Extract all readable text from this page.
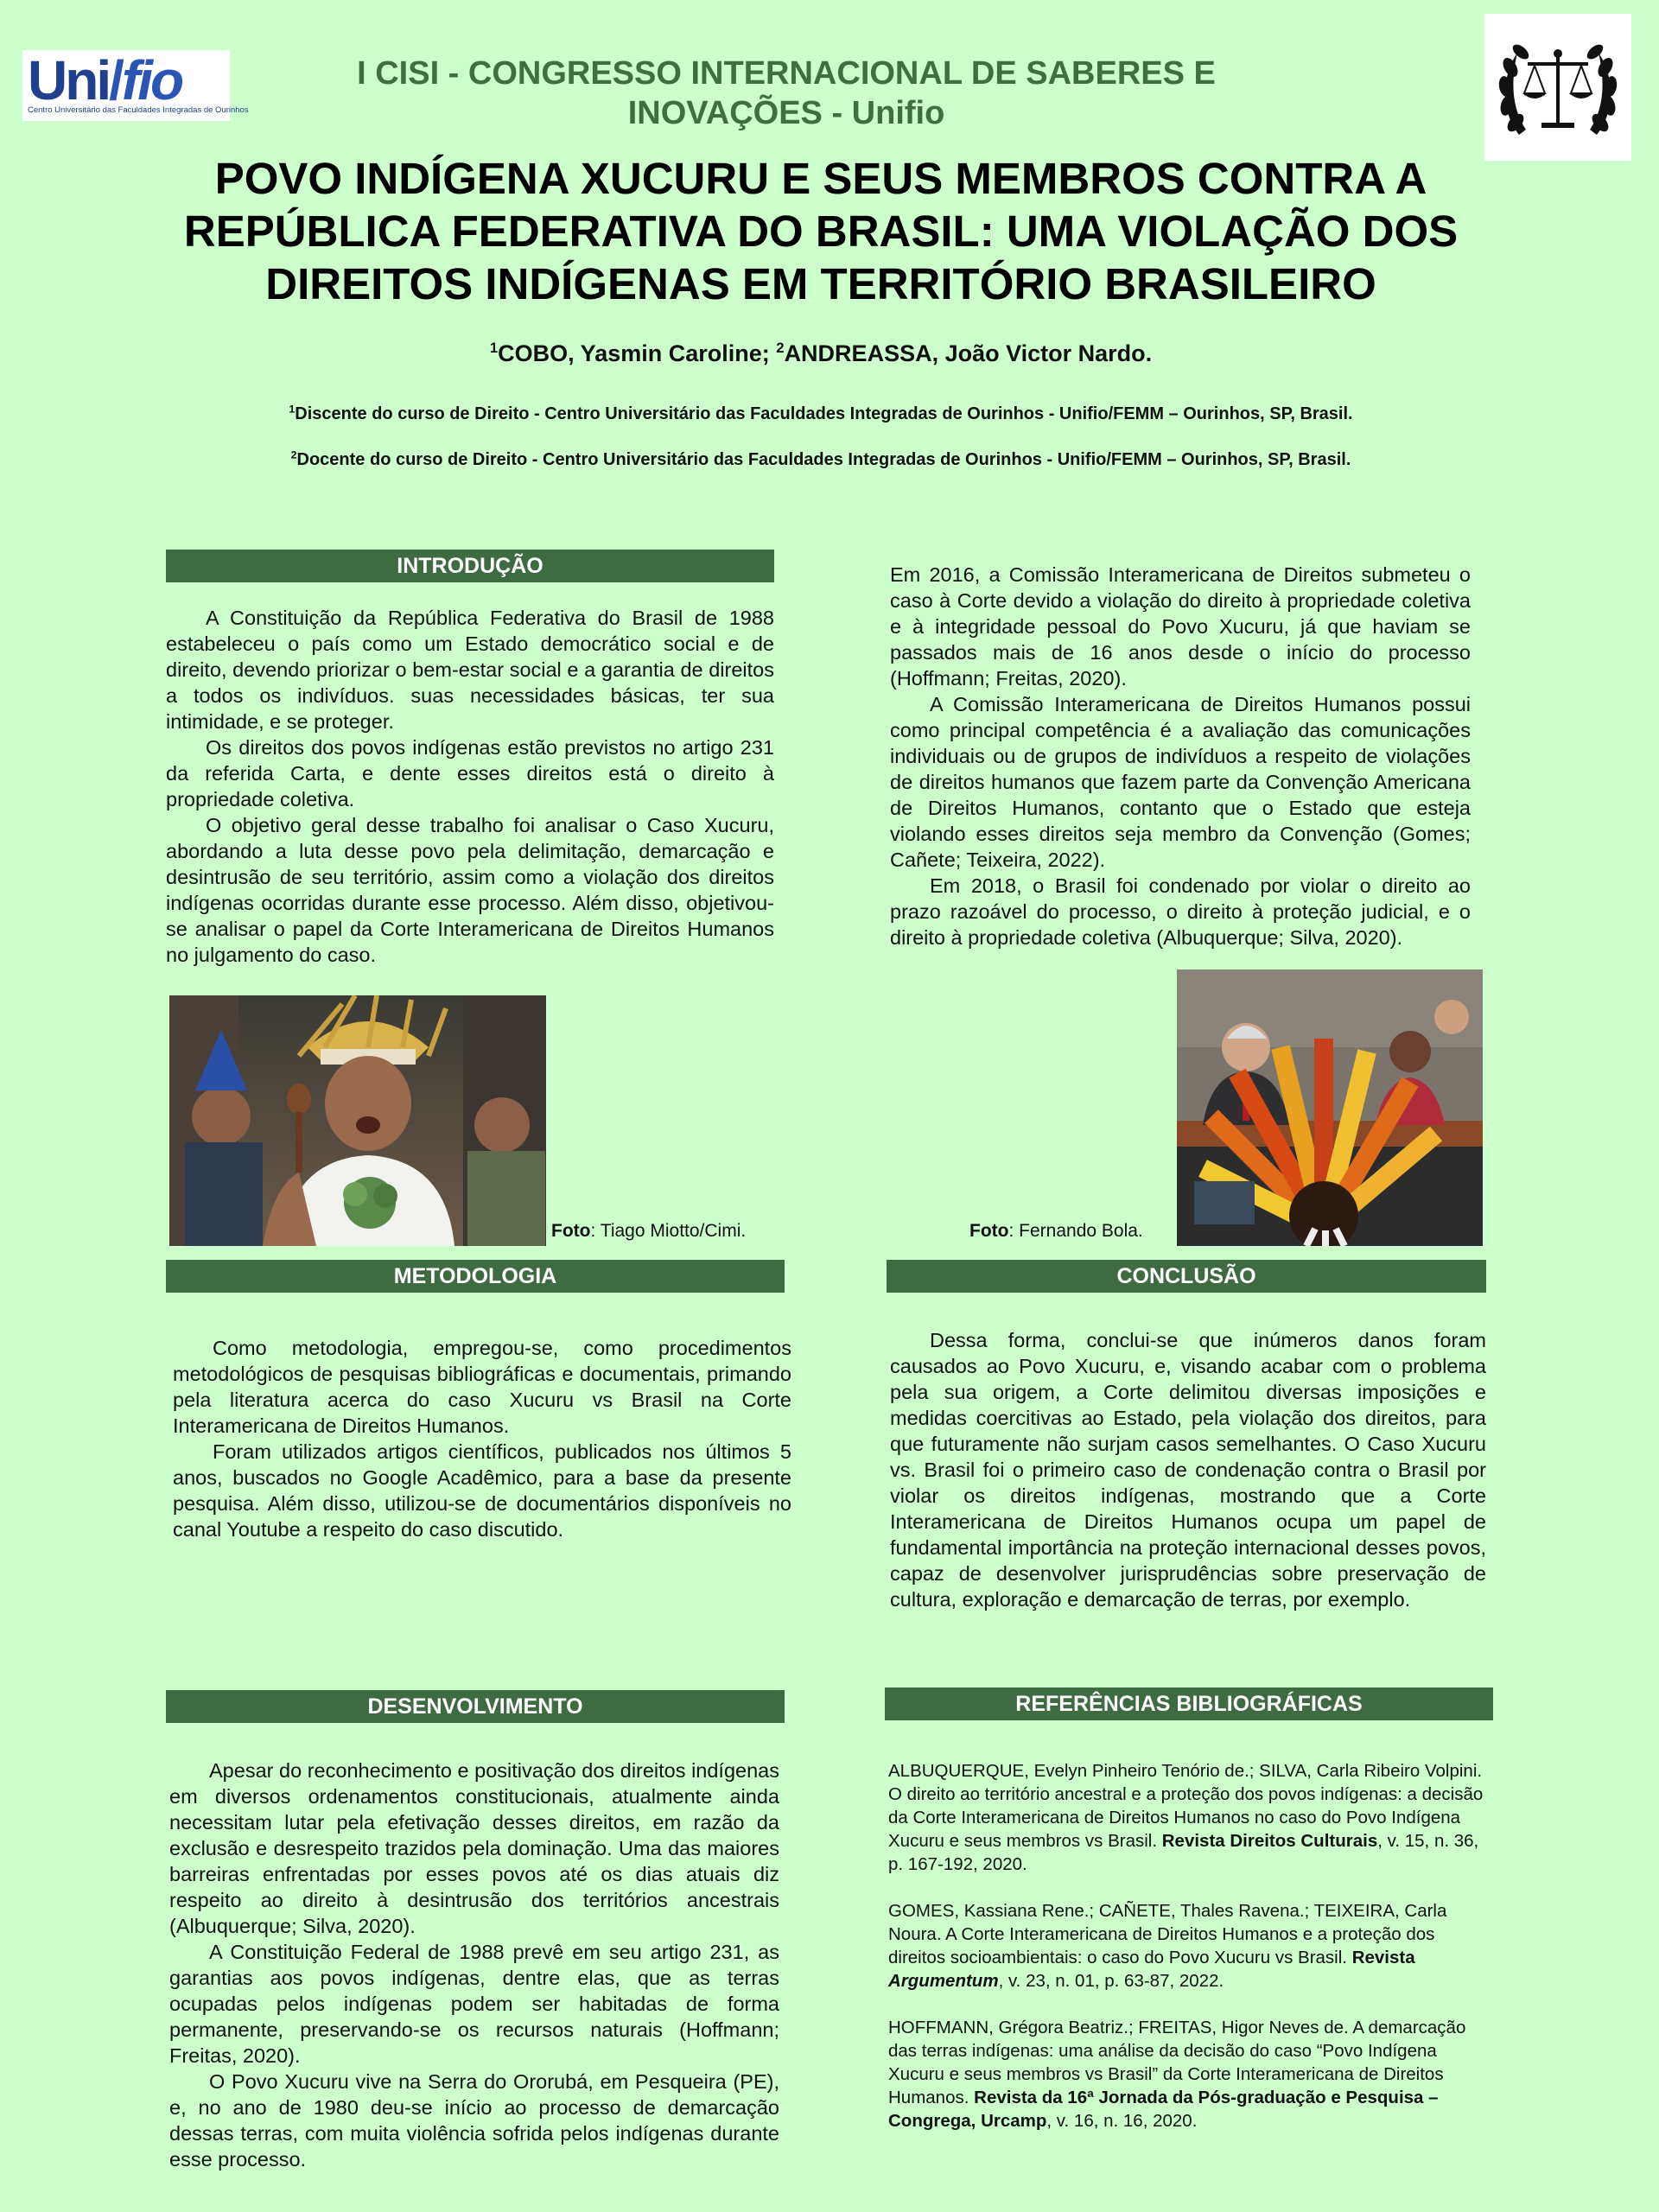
Uni/fio
Centro Universitário das Faculdades Integradas de Ourinhos
I CISI - CONGRESSO INTERNACIONAL DE SABERES E
INOVAÇÕES - Unifio
POVO INDÍGENA XUCURU E SEUS MEMBROS CONTRA A
REPÚBLICA FEDERATIVA DO BRASIL: UMA VIOLAÇÃO DOS
DIREITOS INDÍGENAS EM TERRITÓRIO BRASILEIRO
$^1$COBO, Yasmin Caroline; $^2$ANDREASSA, João Victor Nardo.
$^1$Discente do curso de Direito - Centro Universitário das Faculdades Integradas de Ourinhos - Unifio/FEMM – Ourinhos, SP, Brasil.
$^2$Docente do curso de Direito - Centro Universitário das Faculdades Integradas de Ourinhos - Unifio/FEMM – Ourinhos, SP, Brasil.
INTRODUÇÃO

A Constituição da República Federativa do Brasil de 1988 estabeleceu o país como um Estado democrático social e de direito, devendo priorizar o bem-estar social e a garantia de direitos a todos os indivíduos. suas necessidades básicas, ter sua intimidade, e se proteger.

Os direitos dos povos indígenas estão previstos no artigo 231 da referida Carta, e dente esses direitos está o direito à propriedade coletiva.

O objetivo geral desse trabalho foi analisar o Caso Xucuru, abordando a luta desse povo pela delimitação, demarcação e desintrusão de seu território, assim como a violação dos direitos indígenas ocorridas durante esse processo. Além disso, objetivou-se analisar o papel da Corte Interamericana de Direitos Humanos no julgamento do caso.

Em 2016, a Comissão Interamericana de Direitos submeteu o caso à Corte devido a violação do direito à propriedade coletiva e à integridade pessoal do Povo Xucuru, já que haviam se passados mais de 16 anos desde o início do processo (Hoffmann; Freitas, 2020).

A Comissão Interamericana de Direitos Humanos possui como principal competência é a avaliação das comunicações individuais ou de grupos de indivíduos a respeito de violações de direitos humanos que fazem parte da Convenção Americana de Direitos Humanos, contanto que o Estado que esteja violando esses direitos seja membro da Convenção (Gomes; Cañete; Teixeira, 2022).

Em 2018, o Brasil foi condenado por violar o direito ao prazo razoável do processo, o direito à proteção judicial, e o direito à propriedade coletiva (Albuquerque; Silva, 2020).

Foto: Tiago Miotto/Cimi.	Foto: Fernando Bola.
METODOLOGIA

Como metodologia, empregou-se, como procedimentos metodológicos de pesquisas bibliográficas e documentais, primando pela literatura acerca do caso Xucuru vs Brasil na Corte Interamericana de Direitos Humanos.

Foram utilizados artigos científicos, publicados nos últimos 5 anos, buscados no Google Acadêmico, para a base da presente pesquisa. Além disso, utilizou-se de documentários disponíveis no canal Youtube a respeito do caso discutido.

CONCLUSÃO

Dessa forma, conclui-se que inúmeros danos foram causados ao Povo Xucuru, e, visando acabar com o problema pela sua origem, a Corte delimitou diversas imposições e medidas coercitivas ao Estado, pela violação dos direitos, para que futuramente não surjam casos semelhantes. O Caso Xucuru vs. Brasil foi o primeiro caso de condenação contra o Brasil por violar os direitos indígenas, mostrando que a Corte Interamericana de Direitos Humanos ocupa um papel de fundamental importância na proteção internacional desses povos, capaz de desenvolver jurisprudências sobre preservação de cultura, exploração e demarcação de terras, por exemplo.

DESENVOLVIMENTO

Apesar do reconhecimento e positivação dos direitos indígenas em diversos ordenamentos constitucionais, atualmente ainda necessitam lutar pela efetivação desses direitos, em razão da exclusão e desrespeito trazidos pela dominação. Uma das maiores barreiras enfrentadas por esses povos até os dias atuais diz respeito ao direito à desintrusão dos territórios ancestrais (Albuquerque; Silva, 2020).

A Constituição Federal de 1988 prevê em seu artigo 231, as garantias aos povos indígenas, dentre elas, que as terras ocupadas pelos indígenas podem ser habitadas de forma permanente, preservando-se os recursos naturais (Hoffmann; Freitas, 2020).

O Povo Xucuru vive na Serra do Ororubá, em Pesqueira (PE), e, no ano de 1980 deu-se início ao processo de demarcação dessas terras, com muita violência sofrida pelos indígenas durante esse processo.

REFERÊNCIAS BIBLIOGRÁFICAS

ALBUQUERQUE, Evelyn Pinheiro Tenório de.; SILVA, Carla Ribeiro Volpini. O direito ao território ancestral e a proteção dos povos indígenas: a decisão da Corte Interamericana de Direitos Humanos no caso do Povo Indígena Xucuru e seus membros vs Brasil. Revista Direitos Culturais, v. 15, n. 36, p. 167-192, 2020.

GOMES, Kassiana Rene.; CAÑETE, Thales Ravena.; TEIXEIRA, Carla Noura. A Corte Interamericana de Direitos Humanos e a proteção dos direitos socioambientais: o caso do Povo Xucuru vs Brasil. Revista Argumentum, v. 23, n. 01, p. 63-87, 2022.

HOFFMANN, Grégora Beatriz.; FREITAS, Higor Neves de. A demarcação das terras indígenas: uma análise da decisão do caso “Povo Indígena Xucuru e seus membros vs Brasil” da Corte Interamericana de Direitos Humanos. Revista da 16ª Jornada da Pós-graduação e Pesquisa – Congrega, Urcamp, v. 16, n. 16, 2020.
